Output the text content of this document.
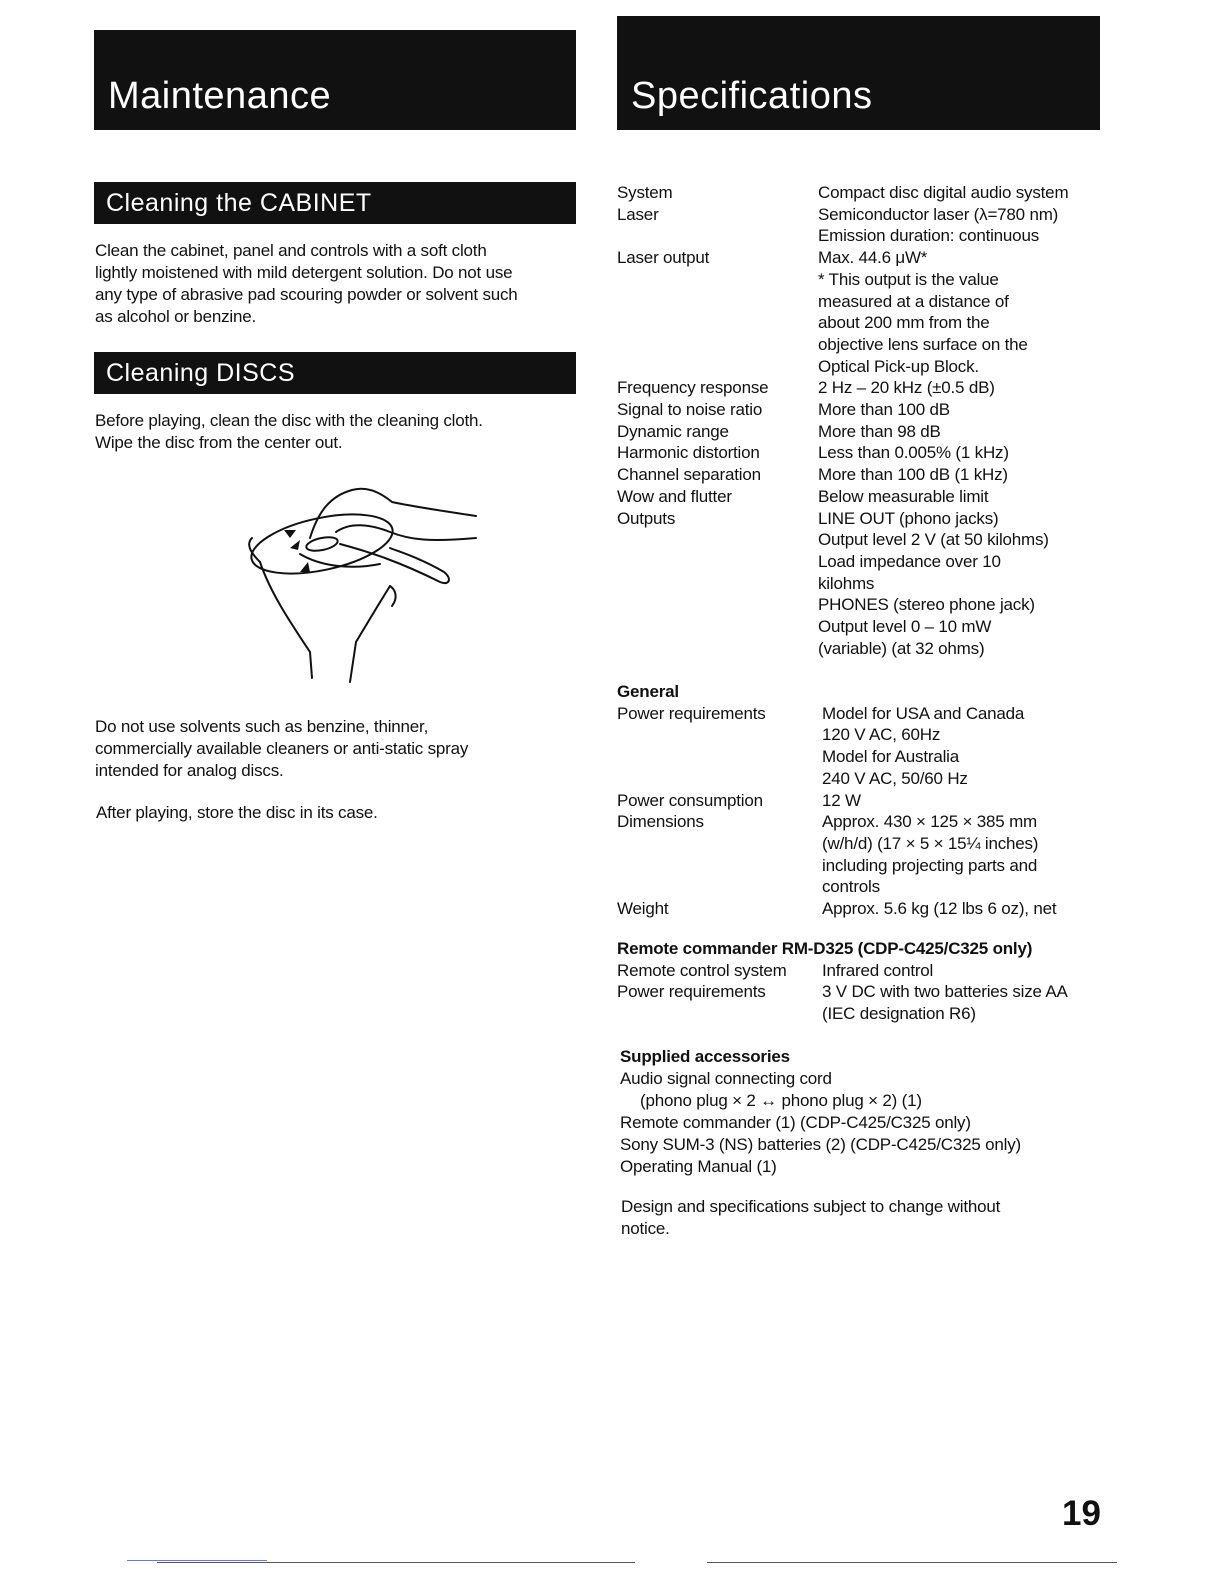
Maintenance	Specifications
Cleaning the CABINET
Clean the cabinet, panel and controls with a soft cloth
lightly moistened with mild detergent solution. Do not use
any type of abrasive pad scouring powder or solvent such
as alcohol or benzine.
Cleaning DISCS
Before playing, clean the disc with the cleaning cloth.
Wipe the disc from the center out.
Do not use solvents such as benzine, thinner,
commercially available cleaners or anti-static spray
intended for analog discs.
After playing, store the disc in its case.
System	Compact disc digital audio system
Laser	Semiconductor laser (λ=780 nm)
Emission duration: continuous
Laser output	Max. 44.6 μW*
* This output is the value
measured at a distance of
about 200 mm from the
objective lens surface on the
Optical Pick-up Block.
Frequency response	2 Hz – 20 kHz (±0.5 dB)
Signal to noise ratio	More than 100 dB
Dynamic range	More than 98 dB
Harmonic distortion	Less than 0.005% (1 kHz)
Channel separation	More than 100 dB (1 kHz)
Wow and flutter	Below measurable limit
Outputs	LINE OUT (phono jacks)
Output level 2 V (at 50 kilohms)
Load impedance over 10
kilohms
PHONES (stereo phone jack)
Output level 0 – 10 mW
(variable) (at 32 ohms)
General
Power requirements	Model for USA and Canada
120 V AC, 60Hz
Model for Australia
240 V AC, 50/60 Hz
Power consumption	12 W
Dimensions	Approx. 430 × 125 × 385 mm
(w/h/d) (17 × 5 × 15¼ inches)
including projecting parts and
controls
Weight	Approx. 5.6 kg (12 lbs 6 oz), net
Remote commander RM-D325 (CDP-C425/C325 only)
Remote control system	Infrared control
Power requirements	3 V DC with two batteries size AA
(IEC designation R6)
Supplied accessories
Audio signal connecting cord
(phono plug × 2 ↔ phono plug × 2) (1)
Remote commander (1) (CDP-C425/C325 only)
Sony SUM-3 (NS) batteries (2) (CDP-C425/C325 only)
Operating Manual (1)
Design and specifications subject to change without
notice.
19
